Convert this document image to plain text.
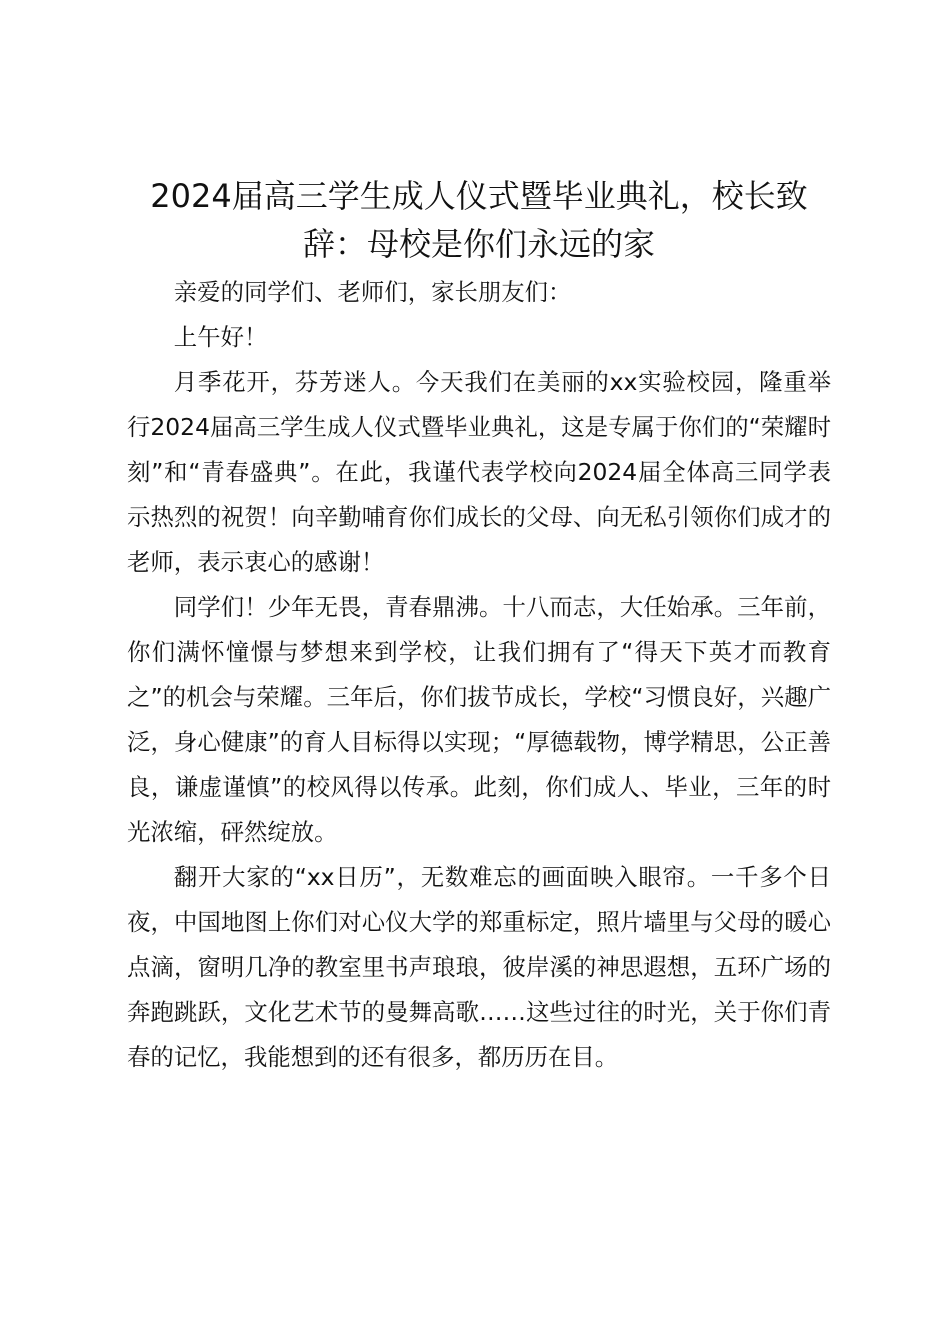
2024届高三学生成人仪式暨毕业典礼，校长致辞：母校是你们永远的家

亲爱的同学们、老师们，家长朋友们：

上午好！

月季花开，芬芳迷人。今天我们在美丽的xx实验校园，隆重举行2024届高三学生成人仪式暨毕业典礼，这是专属于你们的“荣耀时刻”和“青春盛典”。在此，我谨代表学校向2024届全体高三同学表示热烈的祝贺！向辛勤哺育你们成长的父母、向无私引领你们成才的老师，表示衷心的感谢！

同学们！少年无畏，青春鼎沸。十八而志，大任始承。三年前，你们满怀憧憬与梦想来到学校，让我们拥有了“得天下英才而教育之”的机会与荣耀。三年后，你们拔节成长，学校“习惯良好，兴趣广泛，身心健康”的育人目标得以实现；“厚德载物，博学精思，公正善良，谦虚谨慎”的校风得以传承。此刻，你们成人、毕业，三年的时光浓缩，砰然绽放。

翻开大家的“xx日历”，无数难忘的画面映入眼帘。一千多个日夜，中国地图上你们对心仪大学的郑重标定，照片墙里与父母的暖心点滴，窗明几净的教室里书声琅琅，彼岸溪的神思遐想，五环广场的奔跑跳跃，文化艺术节的曼舞高歌……这些过往的时光，关于你们青春的记忆，我能想到的还有很多，都历历在目。
